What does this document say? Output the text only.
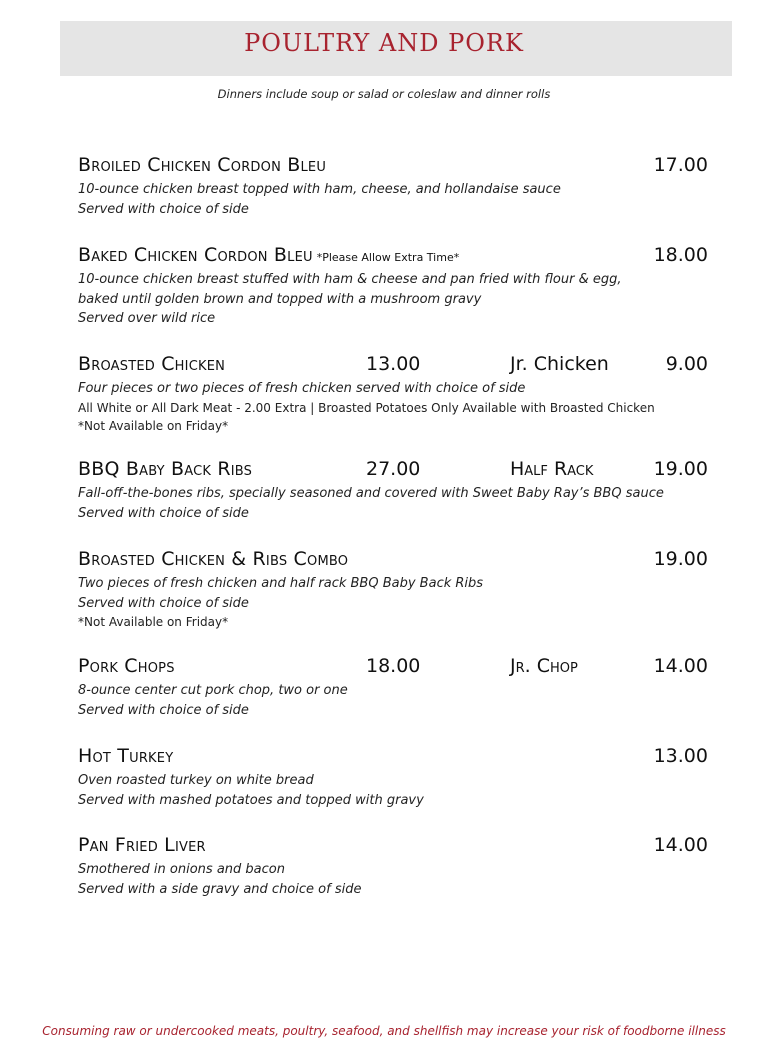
POULTRY AND PORK
Dinners include soup or salad or coleslaw and dinner rolls
Broiled Chicken Cordon Bleu	17.00
10-ounce chicken breast topped with ham, cheese, and hollandaise sauce
Served with choice of side
Baked Chicken Cordon Bleu *Please Allow Extra Time*	18.00
10-ounce chicken breast stuffed with ham & cheese and pan fried with flour & egg,
baked until golden brown and topped with a mushroom gravy
Served over wild rice
Broasted Chicken	13.00	Jr. Chicken	9.00
Four pieces or two pieces of fresh chicken served with choice of side
All White or All Dark Meat - 2.00 Extra | Broasted Potatoes Only Available with Broasted Chicken
*Not Available on Friday*
BBQ Baby Back Ribs	27.00	Half Rack	19.00
Fall-off-the-bones ribs, specially seasoned and covered with Sweet Baby Ray’s BBQ sauce
Served with choice of side
Broasted Chicken & Ribs Combo	19.00
Two pieces of fresh chicken and half rack BBQ Baby Back Ribs
Served with choice of side
*Not Available on Friday*
Pork Chops	18.00	Jr. Chop	14.00
8-ounce center cut pork chop, two or one
Served with choice of side
Hot Turkey	13.00
Oven roasted turkey on white bread
Served with mashed potatoes and topped with gravy
Pan Fried Liver	14.00
Smothered in onions and bacon
Served with a side gravy and choice of side
Consuming raw or undercooked meats, poultry, seafood, and shellfish may increase your risk of foodborne illness
